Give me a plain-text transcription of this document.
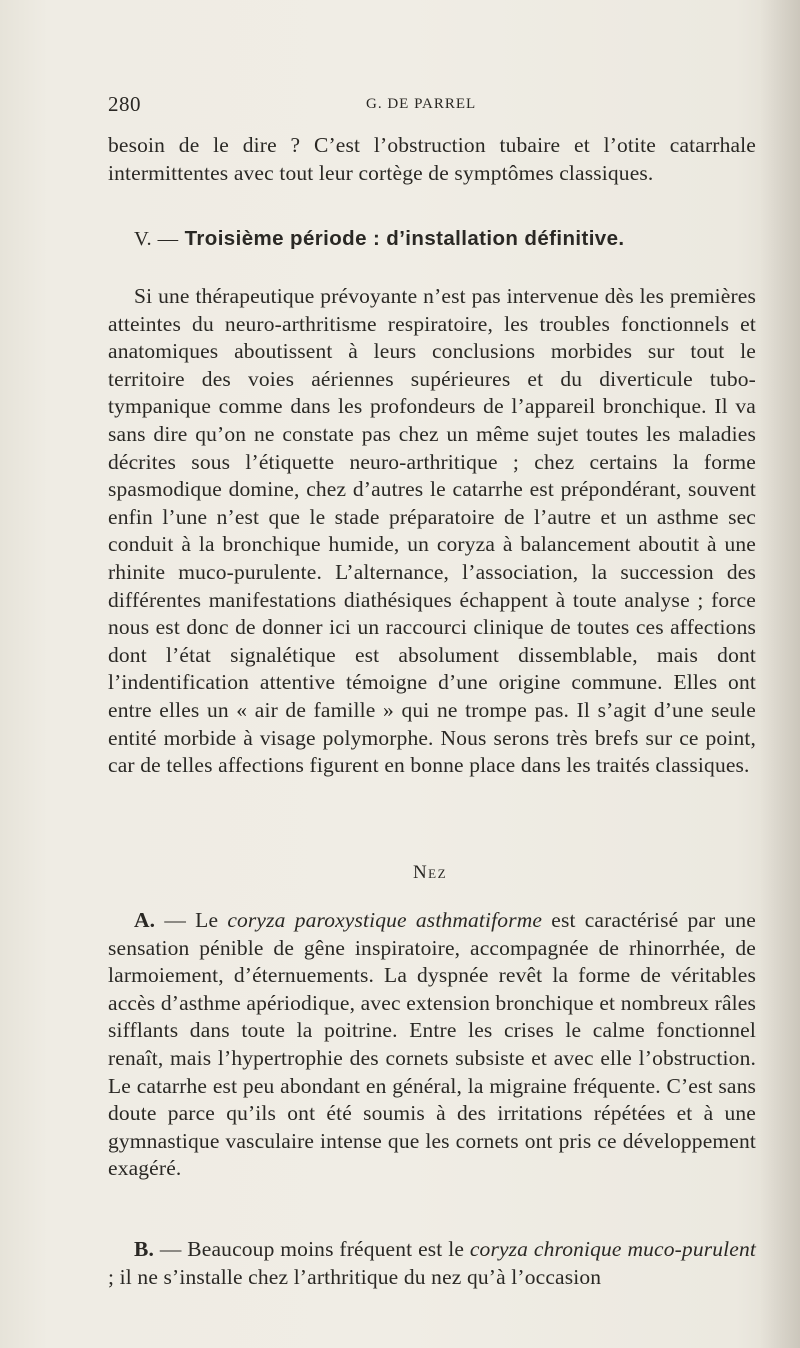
280	G. DE PARREL

besoin de le dire ? C’est l’obstruction tubaire et l’otite catarrhale intermittentes avec tout leur cortège de symptômes classiques.

V. — Troisième période : d’installation définitive.

Si une thérapeutique prévoyante n’est pas intervenue dès les premières atteintes du neuro-arthritisme respiratoire, les troubles fonctionnels et anatomiques aboutissent à leurs conclusions morbides sur tout le territoire des voies aériennes supérieures et du diverticule tubo-tympanique comme dans les profondeurs de l’appareil bronchique. Il va sans dire qu’on ne constate pas chez un même sujet toutes les maladies décrites sous l’étiquette neuro-arthritique ; chez certains la forme spasmodique domine, chez d’autres le catarrhe est prépondérant, souvent enfin l’une n’est que le stade préparatoire de l’autre et un asthme sec conduit à la bronchique humide, un coryza à balancement aboutit à une rhinite muco-purulente. L’alternance, l’association, la succession des différentes manifestations diathésiques échappent à toute analyse ; force nous est donc de donner ici un raccourci clinique de toutes ces affections dont l’état signalétique est absolument dissemblable, mais dont l’indentification attentive témoigne d’une origine commune. Elles ont entre elles un « air de famille » qui ne trompe pas. Il s’agit d’une seule entité morbide à visage polymorphe. Nous serons très brefs sur ce point, car de telles affections figurent en bonne place dans les traités classiques.

Nez

A. — Le coryza paroxystique asthmatiforme est caractérisé par une sensation pénible de gêne inspiratoire, accompagnée de rhinorrhée, de larmoiement, d’éternuements. La dyspnée revêt la forme de véritables accès d’asthme apériodique, avec extension bronchique et nombreux râles sifflants dans toute la poitrine. Entre les crises le calme fonctionnel renaît, mais l’hypertrophie des cornets subsiste et avec elle l’obstruction. Le catarrhe est peu abondant en général, la migraine fréquente. C’est sans doute parce qu’ils ont été soumis à des irritations répétées et à une gymnastique vasculaire intense que les cornets ont pris ce développement exagéré.

B. — Beaucoup moins fréquent est le coryza chronique muco-purulent ; il ne s’installe chez l’arthritique du nez qu’à l’occasion
